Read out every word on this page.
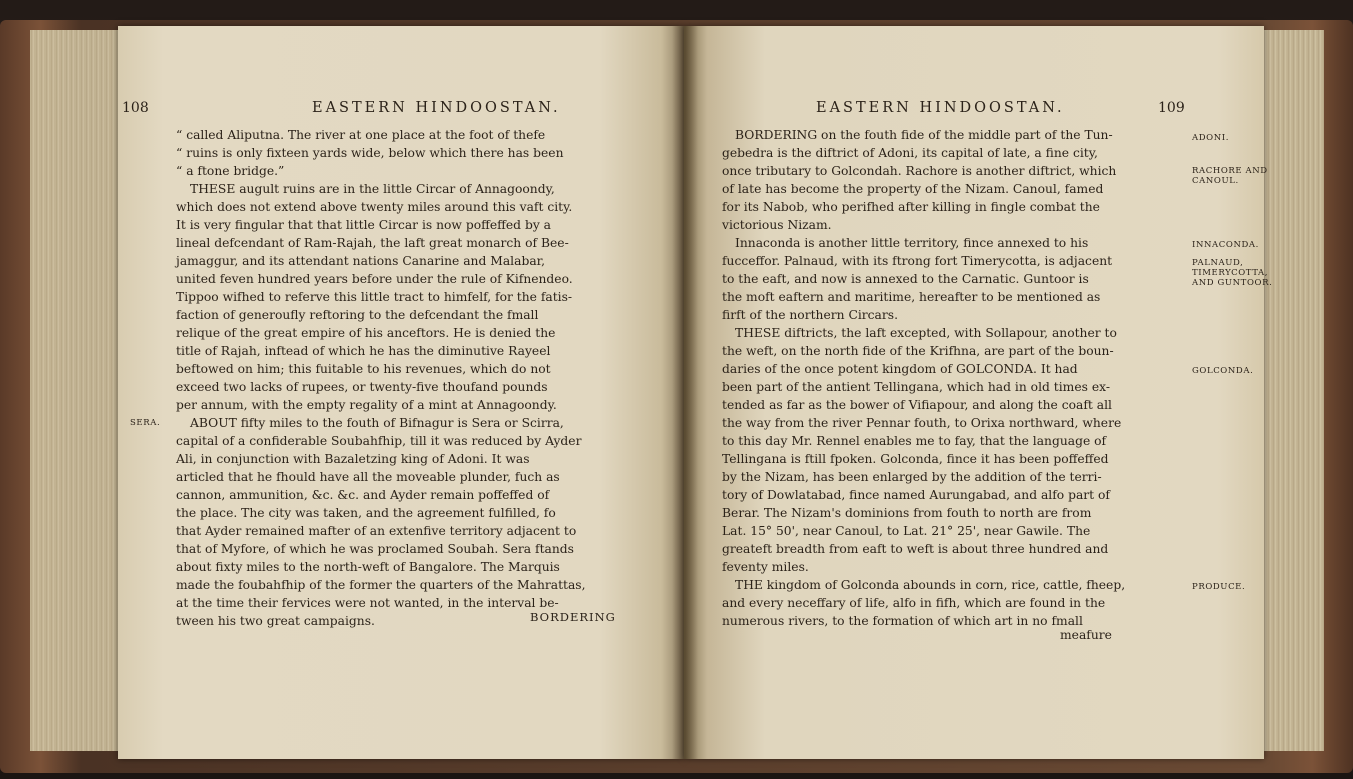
108	EASTERN HINDOOSTAN.
“ called Aliputna. The river at one place at the foot of thefe
“ ruins is only fixteen yards wide, below which there has been
“ a ftone bridge.”
THESE augult ruins are in the little Circar of Annagoondy,
which does not extend above twenty miles around this vaft city.
It is very fingular that that little Circar is now poffeffed by a
lineal defcendant of Ram-Rajah, the laft great monarch of Bee-
jamaggur, and its attendant nations Canarine and Malabar,
united feven hundred years before under the rule of Kifnendeo.
Tippoo wifhed to referve this little tract to himfelf, for the fatis-
faction of generoufly reftoring to the defcendant the fmall
relique of the great empire of his anceftors. He is denied the
title of Rajah, inftead of which he has the diminutive Rayeel
beftowed on him; this fuitable to his revenues, which do not
exceed two lacks of rupees, or twenty-five thoufand pounds
per annum, with the empty regality of a mint at Annagoondy.
ABOUT fifty miles to the fouth of Bifnagur is Sera or Scirra,
capital of a confiderable Soubahfhip, till it was reduced by Ayder
Ali, in conjunction with Bazaletzing king of Adoni. It was
articled that he fhould have all the moveable plunder, fuch as
cannon, ammunition, &c. &c. and Ayder remain poffeffed of
the place. The city was taken, and the agreement fulfilled, fo
that Ayder remained mafter of an extenfive territory adjacent to
that of Myfore, of which he was proclamed Soubah. Sera ftands
about fixty miles to the north-weft of Bangalore. The Marquis
made the foubahfhip of the former the quarters of the Mahrattas,
at the time their fervices were not wanted, in the interval be-
tween his two great campaigns.	BORDERING
SERA.
EASTERN HINDOOSTAN.	109
BORDERING on the fouth fide of the middle part of the Tun-
gebedra is the diftrict of Adoni, its capital of late, a fine city,
once tributary to Golcondah. Rachore is another diftrict, which
of late has become the property of the Nizam. Canoul, famed
for its Nabob, who perifhed after killing in fingle combat the
victorious Nizam.
Innaconda is another little territory, fince annexed to his
fucceffor. Palnaud, with its ftrong fort Timerycotta, is adjacent
to the eaft, and now is annexed to the Carnatic. Guntoor is
the moft eaftern and maritime, hereafter to be mentioned as
firft of the northern Circars.
THESE diftricts, the laft excepted, with Sollapour, another to
the weft, on the north fide of the Krifhna, are part of the boun-
daries of the once potent kingdom of GOLCONDA. It had
been part of the antient Tellingana, which had in old times ex-
tended as far as the bower of Vifiapour, and along the coaft all
the way from the river Pennar fouth, to Orixa northward, where
to this day Mr. Rennel enables me to fay, that the language of
Tellingana is ftill fpoken. Golconda, fince it has been poffeffed
by the Nizam, has been enlarged by the addition of the terri-
tory of Dowlatabad, fince named Aurungabad, and alfo part of
Berar. The Nizam's dominions from fouth to north are from
Lat. 15° 50', near Canoul, to Lat. 21° 25', near Gawile. The
greateft breadth from eaft to weft is about three hundred and
feventy miles.
THE kingdom of Golconda abounds in corn, rice, cattle, fheep,
and every neceffary of life, alfo in fifh, which are found in the
numerous rivers, to the formation of which art in no fmall
meafure
ADONI.
RACHORE AND
CANOUL.
INNACONDA.
PALNAUD,
TIMERYCOTTA,
AND GUNTOOR.
GOLCONDA.
PRODUCE.
